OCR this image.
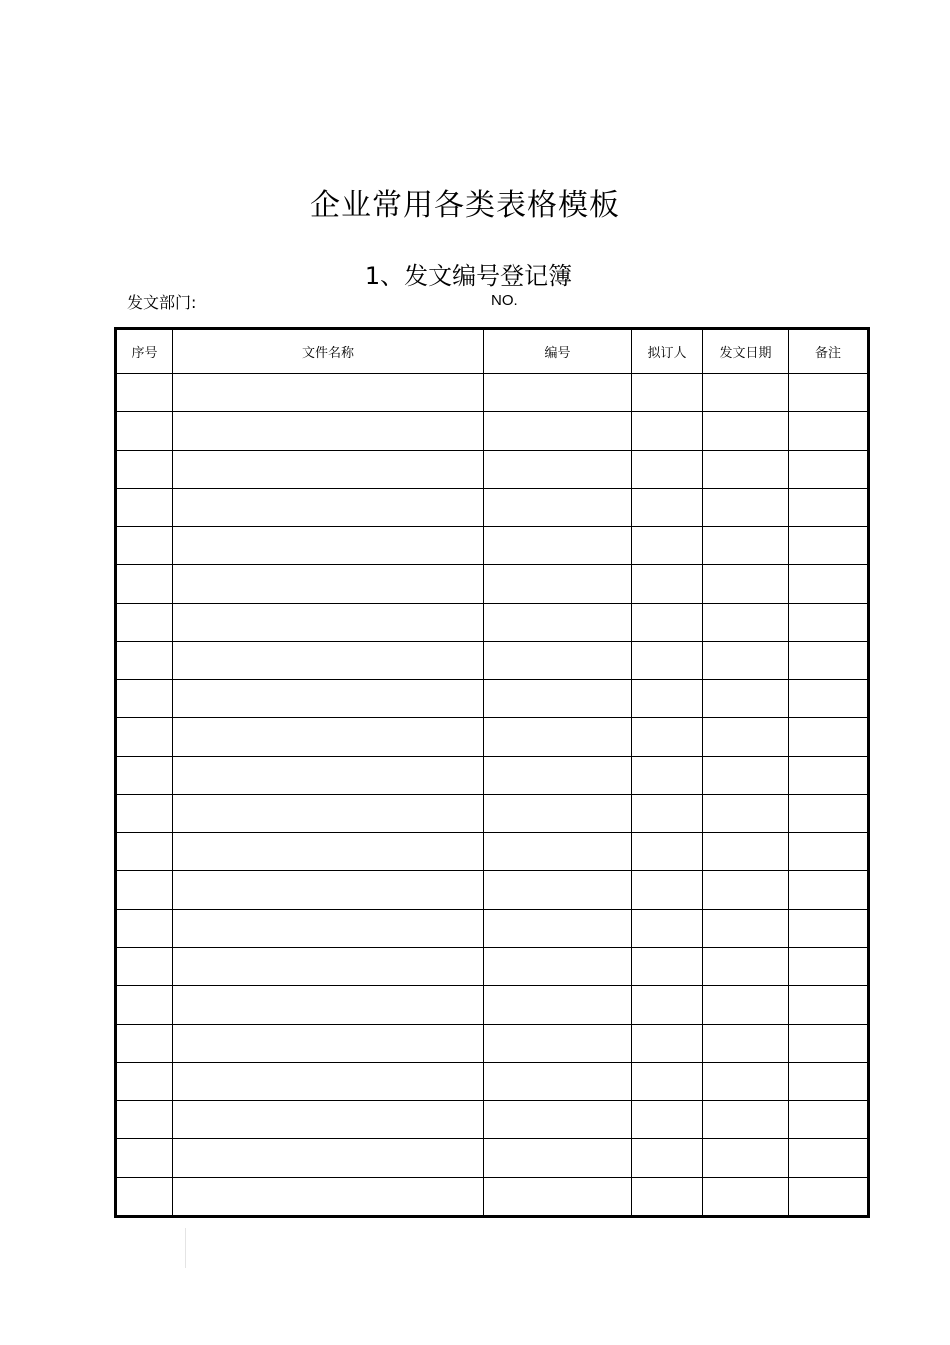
企业常用各类表格模板
1、发文编号登记簿
发文部门:	NO.
序号	文件名称	编号	拟订人	发文日期	备注
